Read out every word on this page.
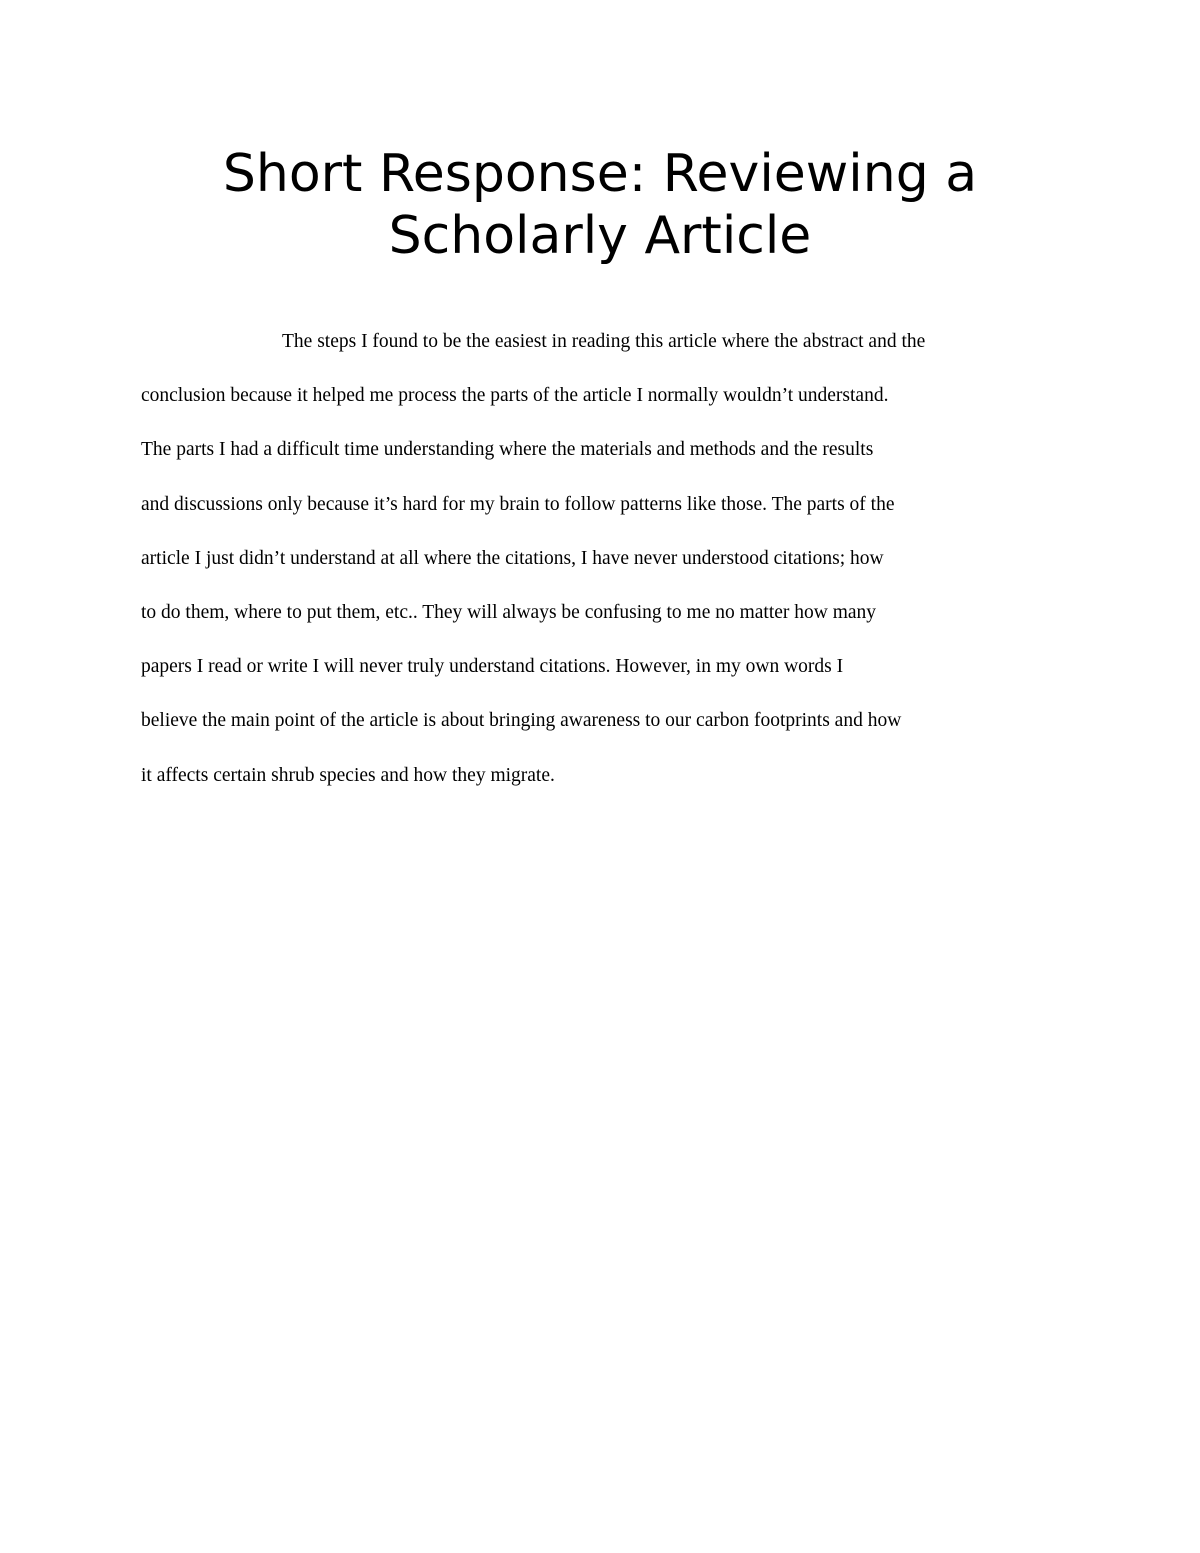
Short Response: Reviewing a
Scholarly Article
The steps I found to be the easiest in reading this article where the abstract and the
conclusion because it helped me process the parts of the article I normally wouldn’t understand.
The parts I had a difficult time understanding where the materials and methods and the results
and discussions only because it’s hard for my brain to follow patterns like those. The parts of the
article I just didn’t understand at all where the citations, I have never understood citations; how
to do them, where to put them, etc.. They will always be confusing to me no matter how many
papers I read or write I will never truly understand citations. However, in my own words I
believe the main point of the article is about bringing awareness to our carbon footprints and how
it affects certain shrub species and how they migrate.
